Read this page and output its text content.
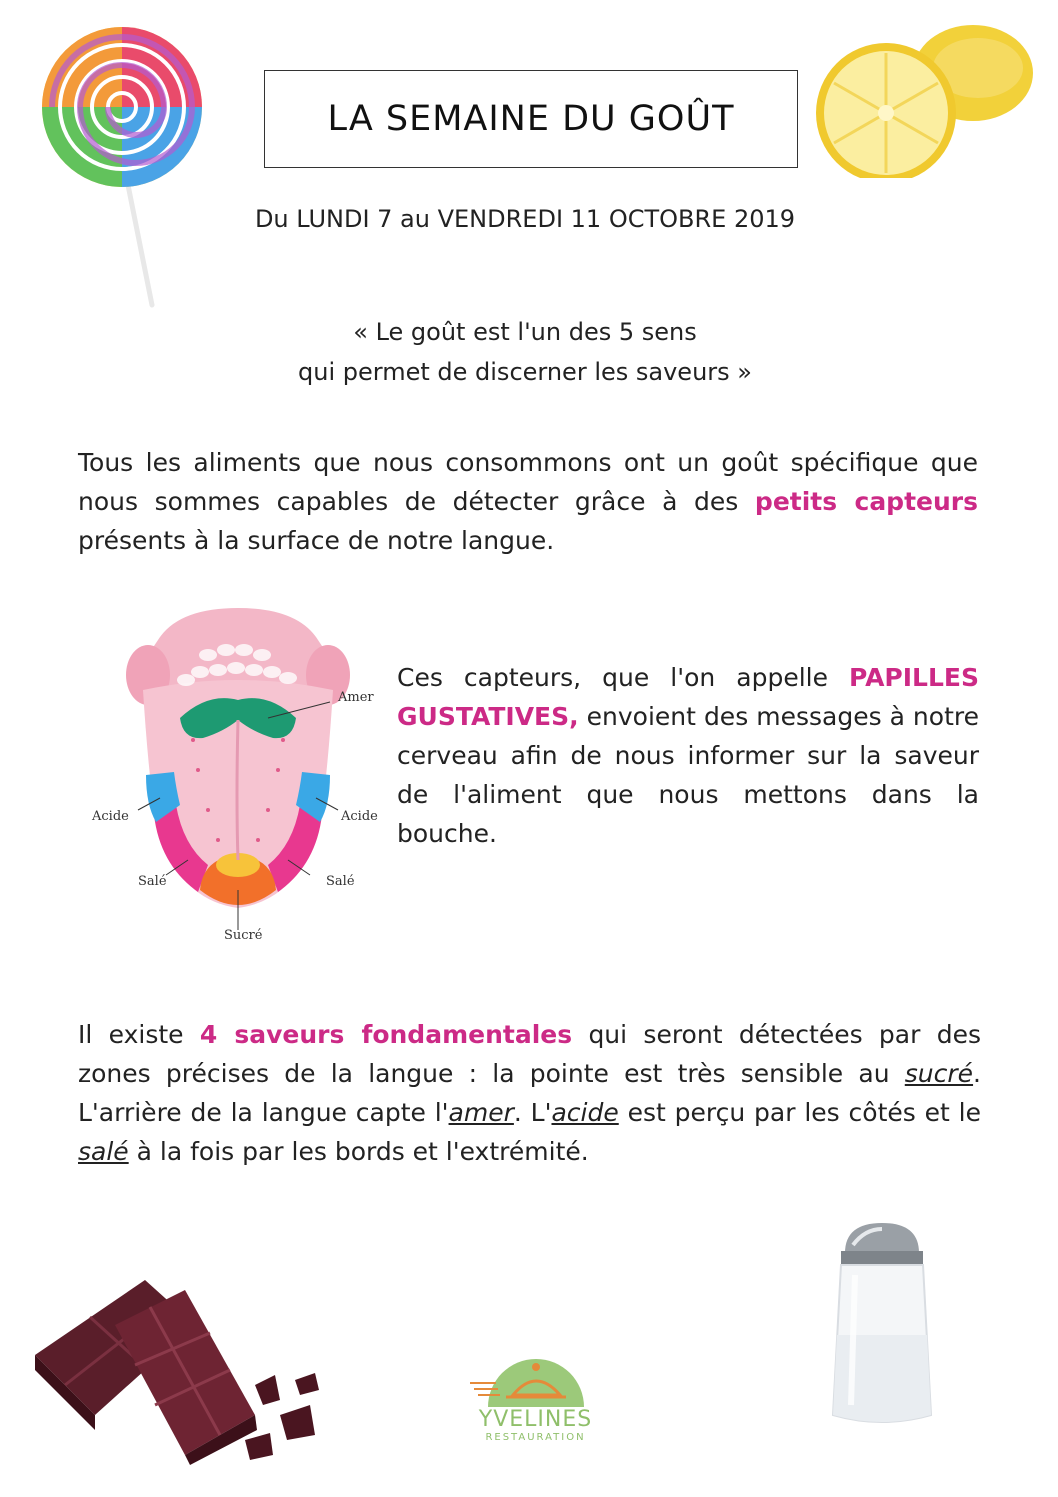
LA SEMAINE DU GOÛT
Du LUNDI 7 au VENDREDI 11 OCTOBRE 2019
« Le goût est l'un des 5 sens
qui permet de discerner les saveurs »
Tous les aliments que nous consommons ont un goût spécifique que nous sommes capables de détecter grâce à des petits capteurs présents à la surface de notre langue.
Amer
Acide	Acide
Salé	Salé
Sucré
Ces capteurs, que l'on appelle PAPILLES GUSTATIVES, envoient des messages à notre cerveau afin de nous informer sur la saveur de l'aliment que nous mettons dans la bouche.
Il existe 4 saveurs fondamentales qui seront détectées par des zones précises de la langue : la pointe est très sensible au sucré. L'arrière de la langue capte l'amer. L'acide est perçu par les côtés et le salé à la fois par les bords et l'extrémité.
YVELINES
RESTAURATION
